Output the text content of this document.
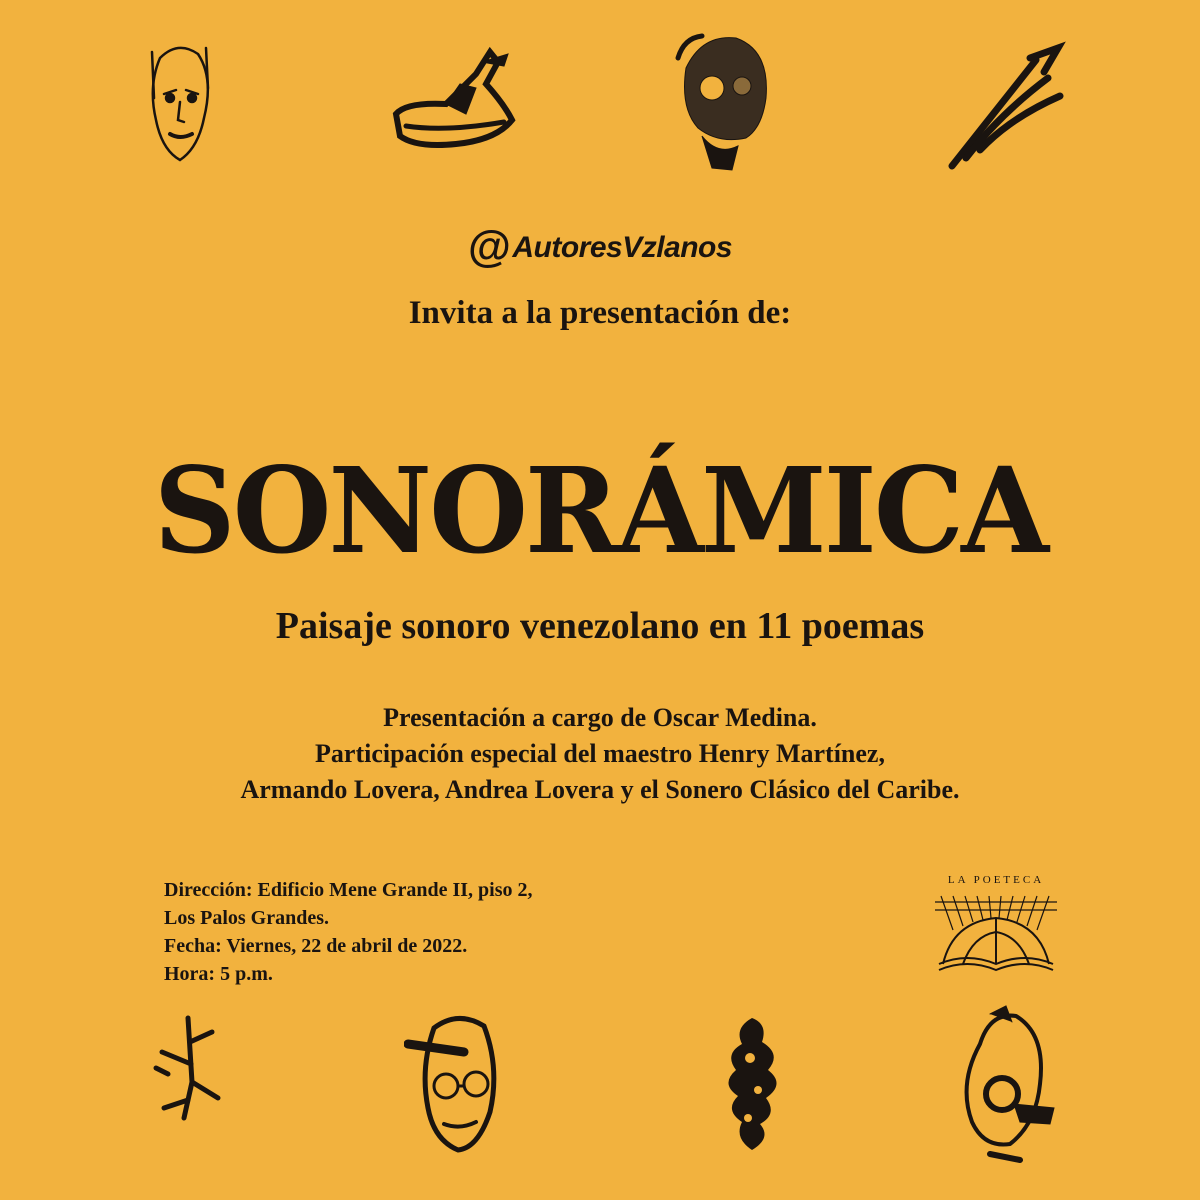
@AutoresVzlanos
Invita a la presentación de:
SONORÁMICA
Paisaje sonoro venezolano en 11 poemas
Presentación a cargo de Oscar Medina.
Participación especial del maestro Henry Martínez,
Armando Lovera, Andrea Lovera y el Sonero Clásico del Caribe.
Dirección: Edificio Mene Grande II, piso 2,
Los Palos Grandes.
Fecha: Viernes, 22 de abril de 2022.
Hora: 5 p.m.
LA POETECA
